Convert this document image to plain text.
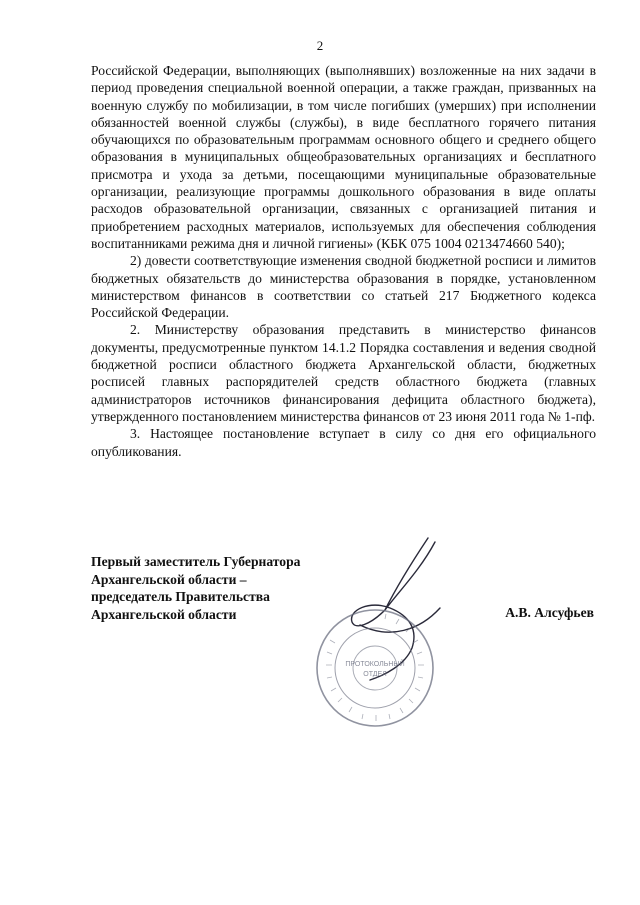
2

Российской Федерации, выполняющих (выполнявших) возложенные на них задачи в период проведения специальной военной операции, а также граждан, призванных на военную службу по мобилизации, в том числе погибших (умерших) при исполнении обязанностей военной службы (службы), в виде бесплатного горячего питания обучающихся по образовательным программам основного общего и среднего общего образования в муниципальных общеобразовательных организациях и бесплатного присмотра и ухода за детьми, посещающими муниципальные образовательные организации, реализующие программы дошкольного образования в виде оплаты расходов образовательной организации, связанных с организацией питания и приобретением расходных материалов, используемых для обеспечения соблюдения воспитанниками режима дня и личной гигиены» (КБК 075 1004 0213474660 540);

2) довести соответствующие изменения сводной бюджетной росписи и лимитов бюджетных обязательств до министерства образования в порядке, установленном министерством финансов в соответствии со статьей 217 Бюджетного кодекса Российской Федерации.

2. Министерству образования представить в министерство финансов документы, предусмотренные пунктом 14.1.2 Порядка составления и ведения сводной бюджетной росписи областного бюджета Архангельской области, бюджетных росписей главных распорядителей средств областного бюджета (главных администраторов источников финансирования дефицита областного бюджета), утвержденного постановлением министерства финансов от 23 июня 2011 года № 1-пф.

3. Настоящее постановление вступает в силу со дня его официального опубликования.

Первый заместитель Губернатора
Архангельской области –
председатель Правительства
Архангельской области	А.В. Алсуфьев
ПРОТОКОЛЬНЫЙ
ОТДЕЛ
